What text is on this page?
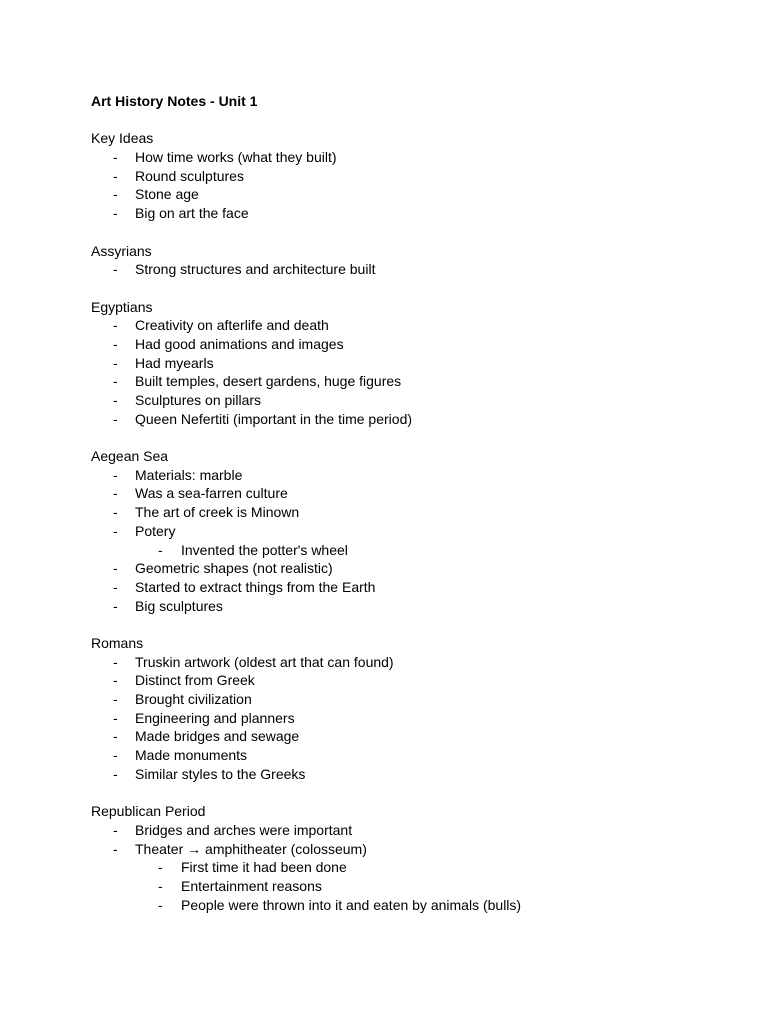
Art History Notes - Unit 1
Key Ideas
- How time works (what they built)
- Round sculptures
- Stone age
- Big on art the face
Assyrians
- Strong structures and architecture built
Egyptians
- Creativity on afterlife and death
- Had good animations and images
- Had myearls
- Built temples, desert gardens, huge figures
- Sculptures on pillars
- Queen Nefertiti (important in the time period)
Aegean Sea
- Materials: marble
- Was a sea-farren culture
- The art of creek is Minown
- Potery
- Invented the potter's wheel
- Geometric shapes (not realistic)
- Started to extract things from the Earth
- Big sculptures
Romans
- Truskin artwork (oldest art that can found)
- Distinct from Greek
- Brought civilization
- Engineering and planners
- Made bridges and sewage
- Made monuments
- Similar styles to the Greeks
Republican Period
- Bridges and arches were important
- Theater → amphitheater (colosseum)
- First time it had been done
- Entertainment reasons
- People were thrown into it and eaten by animals (bulls)
